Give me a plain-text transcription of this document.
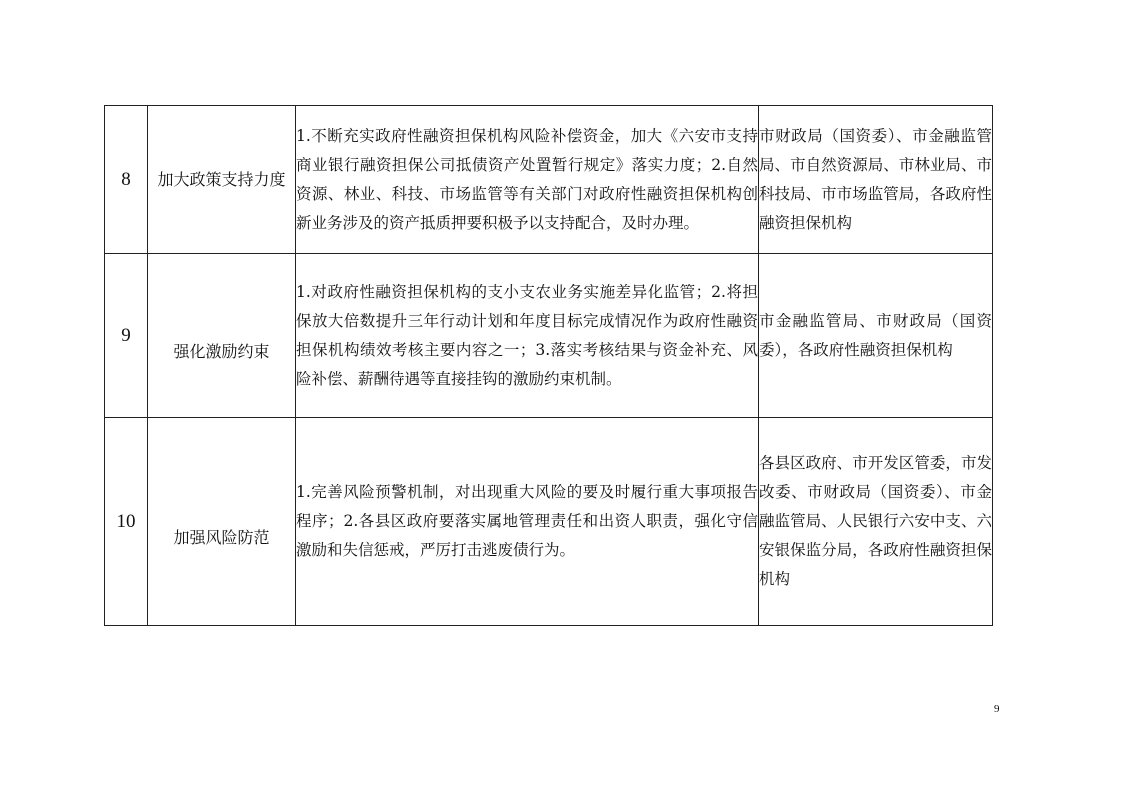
8	加大政策支持力度	1.不断充实政府性融资担保机构风险补偿资金，加大《六安市支持商业银行融资担保公司抵债资产处置暂行规定》落实力度；2.自然资源、林业、科技、市场监管等有关部门对政府性融资担保机构创新业务涉及的资产抵质押要积极予以支持配合，及时办理。	市财政局（国资委）、市金融监管局、市自然资源局、市林业局、市科技局、市市场监管局，各政府性融资担保机构
9	强化激励约束	1.对政府性融资担保机构的支小支农业务实施差异化监管；2.将担保放大倍数提升三年行动计划和年度目标完成情况作为政府性融资担保机构绩效考核主要内容之一；3.落实考核结果与资金补充、风险补偿、薪酬待遇等直接挂钩的激励约束机制。	市金融监管局、市财政局（国资委），各政府性融资担保机构
10	加强风险防范	1.完善风险预警机制，对出现重大风险的要及时履行重大事项报告程序；2.各县区政府要落实属地管理责任和出资人职责，强化守信激励和失信惩戒，严厉打击逃废债行为。	各县区政府、市开发区管委，市发改委、市财政局（国资委）、市金融监管局、人民银行六安中支、六安银保监分局，各政府性融资担保机构
9
